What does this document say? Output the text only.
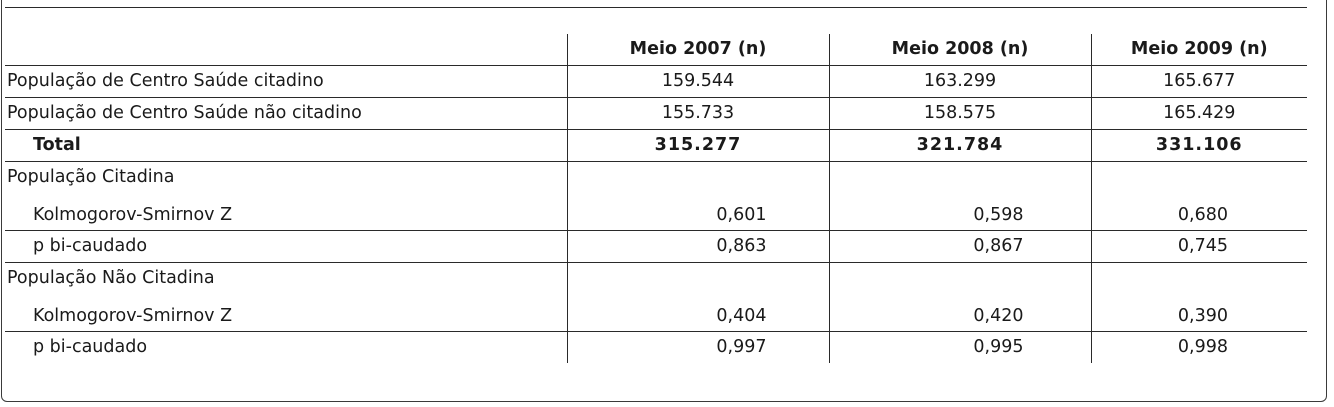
	Meio 2007 (n)	Meio 2008 (n)	Meio 2009 (n)
População de Centro Saúde citadino	159.544	163.299	165.677
População de Centro Saúde não citadino	155.733	158.575	165.429
Total	315.277	321.784	331.106
População Citadina			
Kolmogorov-Smirnov Z	0,601	0,598	0,680
p bi-caudado	0,863	0,867	0,745
População Não Citadina			
Kolmogorov-Smirnov Z	0,404	0,420	0,390
p bi-caudado	0,997	0,995	0,998
